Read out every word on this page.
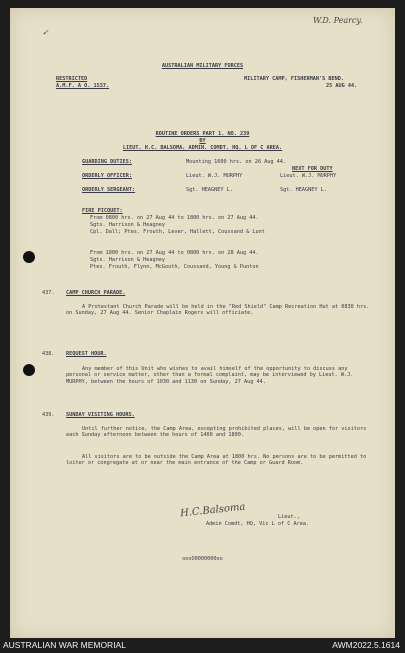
W.D. Pearcy.
✓
AUSTRALIAN MILITARY FORCES
RESTRICTED
A.M.F. A O. 1537.
MILITARY CAMP, FISHERMAN'S BEND.
25 AUG 44.
ROUTINE ORDERS PART 1. NO. 239
BY
LIEUT. H.C. BALSOMA, ADMIN. COMDT. HQ. L OF C AREA.
GUARDING DUTIES:	Mounting 1600 hrs. on 26 Aug 44.
NEXT FOR DUTY
ORDERLY OFFICER:	Lieut. W.J. MURPHY	Lieut. W.J. MURPHY
ORDERLY SERGEANT:	Sgt. HEAGNEY L.	Sgt. HEAGNEY L.
FIRE PICQUET:
From 0800 hrs. on 27 Aug 44 to 1800 hrs. on 27 Aug 44.
Sgts. Harrison & Heagney
Cpl. Dall; Ptes. Frouth, Lever, Hallett, Coussand & Lunt
From 1800 hrs. on 27 Aug 44 to 0800 hrs. on 28 Aug 44.
Sgts. Harrison & Heagney
Ptes. Frouth, Flynn, McGouth, Coussand, Young & Punton
437. CAMP CHURCH PARADE.
A Protestant Church Parade will be held in the "Red Shield" Camp Recreation Hut at 0830 hrs. on Sunday, 27 Aug 44. Senior Chaplain Rogers will officiate.
438. REQUEST HOUR.
Any member of this Unit who wishes to avail himself of the opportunity to discuss any personal or service matter, other than a formal complaint, may be interviewed by Lieut. W.J. MURPHY, between the hours of 1030 and 1130 on Sunday, 27 Aug 44.
439. SUNDAY VISITING HOURS.
Until further notice, the Camp Area, excepting prohibited places, will be open for visitors each Sunday afternoon between the hours of 1400 and 1800.
All visitors are to be outside the Camp Area at 1800 hrs. No persons are to be permitted to loiter or congregate at or near the main entrance of the Camp or Guard Room.
H.C.Balsoma	Lieut.,
Admin Comdt, HQ, Vic L of C Area.
oooO0000000oo
AUSTRALIAN WAR MEMORIAL	AWM2022.5.1614
